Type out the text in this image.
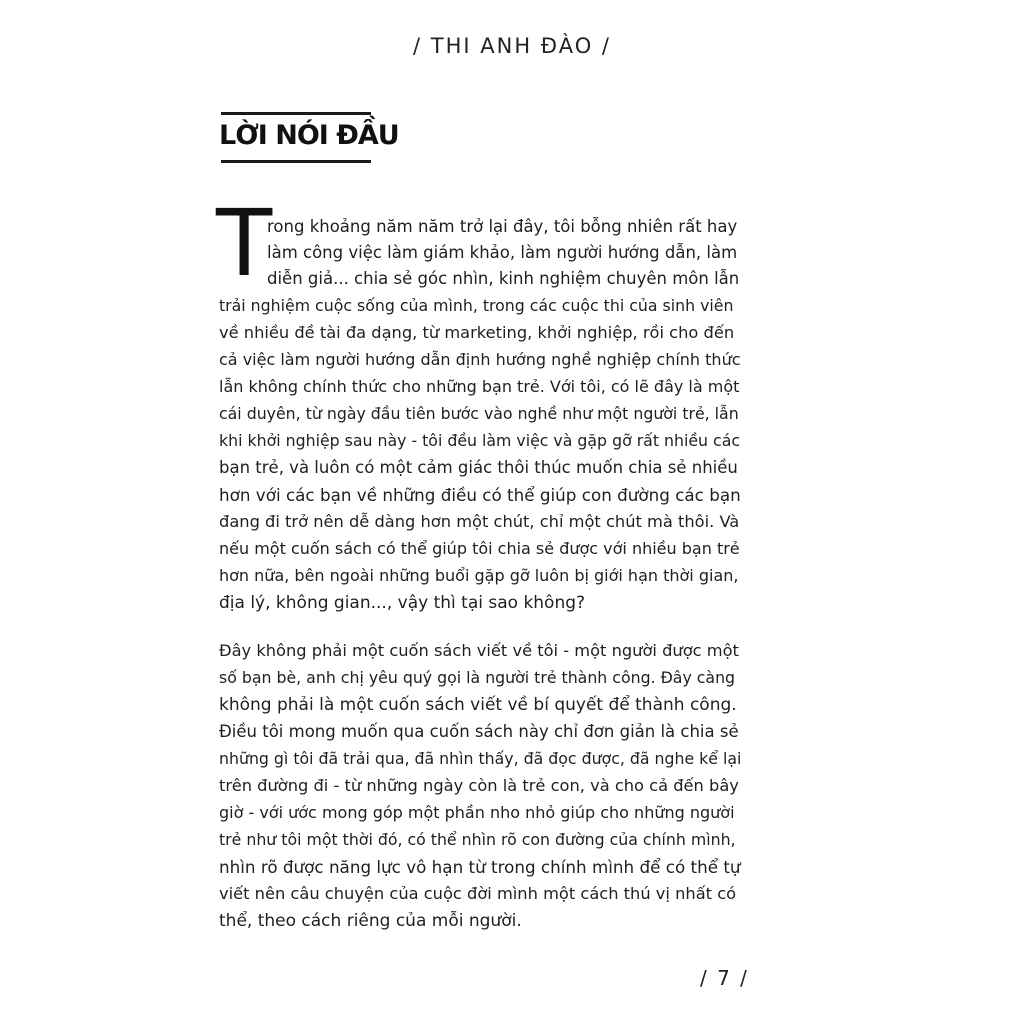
/ THI ANH ĐÀO /
LỜI NÓI ĐẦU
T
rong khoảng năm năm trở lại đây, tôi bỗng nhiên rất hay
làm công việc làm giám khảo, làm người hướng dẫn, làm
diễn giả... chia sẻ góc nhìn, kinh nghiệm chuyên môn lẫn
trải nghiệm cuộc sống của mình, trong các cuộc thi của sinh viên
về nhiều đề tài đa dạng, từ marketing, khởi nghiệp, rồi cho đến
cả việc làm người hướng dẫn định hướng nghề nghiệp chính thức
lẫn không chính thức cho những bạn trẻ. Với tôi, có lẽ đây là một
cái duyên, từ ngày đầu tiên bước vào nghề như một người trẻ, lẫn
khi khởi nghiệp sau này - tôi đều làm việc và gặp gỡ rất nhiều các
bạn trẻ, và luôn có một cảm giác thôi thúc muốn chia sẻ nhiều
hơn với các bạn về những điều có thể giúp con đường các bạn
đang đi trở nên dễ dàng hơn một chút, chỉ một chút mà thôi. Và
nếu một cuốn sách có thể giúp tôi chia sẻ được với nhiều bạn trẻ
hơn nữa, bên ngoài những buổi gặp gỡ luôn bị giới hạn thời gian,
địa lý, không gian..., vậy thì tại sao không?
Đây không phải một cuốn sách viết về tôi - một người được một
số bạn bè, anh chị yêu quý gọi là người trẻ thành công. Đây càng
không phải là một cuốn sách viết về bí quyết để thành công.
Điều tôi mong muốn qua cuốn sách này chỉ đơn giản là chia sẻ
những gì tôi đã trải qua, đã nhìn thấy, đã đọc được, đã nghe kể lại
trên đường đi - từ những ngày còn là trẻ con, và cho cả đến bây
giờ - với ước mong góp một phần nho nhỏ giúp cho những người
trẻ như tôi một thời đó, có thể nhìn rõ con đường của chính mình,
nhìn rõ được năng lực vô hạn từ trong chính mình để có thể tự
viết nên câu chuyện của cuộc đời mình một cách thú vị nhất có
thể, theo cách riêng của mỗi người.
/ 7 /
